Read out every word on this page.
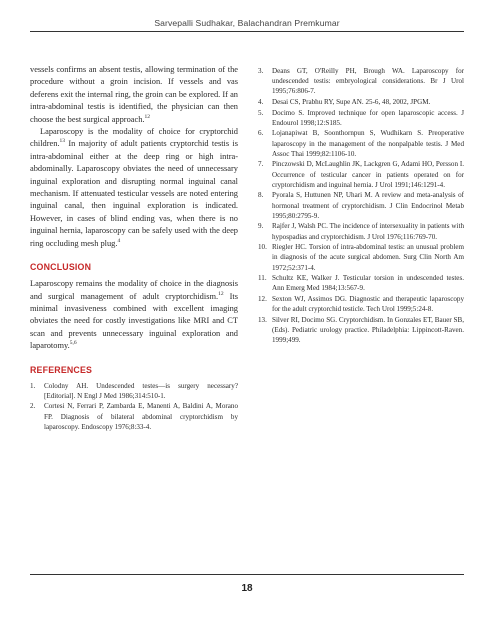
Sarvepalli Sudhakar, Balachandran Premkumar

vessels confirms an absent testis, allowing termination of the procedure without a groin incision. If vessels and vas deferens exit the internal ring, the groin can be explored. If an intra-abdominal testis is identified, the physician can then choose the best surgical approach.$^{12}$

Laparoscopy is the modality of choice for cryptorchid children.$^{13}$ In majority of adult patients cryptorchid testis is intra-abdominal either at the deep ring or high intra-abdominally. Laparoscopy obviates the need of unnecessary inguinal exploration and disrupting normal inguinal canal mechanism. If attenuated testicular vessels are noted entering inguinal canal, then inguinal exploration is indicated. However, in cases of blind ending vas, when there is no inguinal hernia, laparoscopy can be safely used with the deep ring occluding mesh plug.$^4$

CONCLUSION

Laparoscopy remains the modality of choice in the diagnosis and surgical management of adult cryptorchidism.$^{12}$ Its minimal invasiveness combined with excellent imaging obviates the need for costly investigations like MRI and CT scan and prevents unnecessary inguinal exploration and laparotomy.$^{5,6}$

REFERENCES
1.	Colodny AH. Undescended testes—is surgery necessary? [Editorial]. N Engl J Med 1986;314:510-1.
2.	Cortesi N, Ferrari P, Zambarda E, Manenti A, Baldini A, Morano FP. Diagnosis of bilateral abdominal cryptorchidism by laparoscopy. Endoscopy 1976;8:33-4.
3.	Deans GT, O'Reilly PH, Brough WA. Laparoscopy for undescended testis: embryological considerations. Br J Urol 1995;76:806-7.
4.	Desai CS, Prabhu RY, Supe AN. 25-6, 48, 2002, JPGM.
5.	Docimo S. Improved technique for open laparoscopic access. J Endourol 1998;12:S185.
6.	Lojanapiwat B, Soonthornpun S, Wudhikarn S. Preoperative laparoscopy in the management of the nonpalpable testis. J Med Assoc Thai 1999;82:1106-10.
7.	Pinczowski D, McLaughlin JK, Lackgren G, Adami HO, Persson I. Occurrence of testicular cancer in patients operated on for cryptorchidism and inguinal hernia. J Urol 1991;146:1291-4.
8.	Pyorala S, Huttunen NP, Uhari M. A review and meta-analysis of hormonal treatment of cryptorchidism. J Clin Endocrinol Metab 1995;80:2795-9.
9.	Rajfer J, Walsh PC. The incidence of intersexuality in patients with hypospadias and cryptorchidism. J Urol 1976;116:769-70.
10. Riegler HC. Torsion of intra-abdominal testis: an unusual problem in diagnosis of the acute surgical abdomen. Surg Clin North Am 1972;52:371-4.
11. Schultz KE, Walker J. Testicular torsion in undescended testes. Ann Emerg Med 1984;13:567-9.
12. Sexton WJ, Assimos DG. Diagnostic and therapeutic laparoscopy for the adult cryptorchid testicle. Tech Urol 1999;5:24-8.
13. Silver RI, Docimo SG. Cryptorchidism. In Gonzales ET, Bauer SB, (Eds). Pediatric urology practice. Philadelphia: Lippincott-Raven. 1999;499.
18
